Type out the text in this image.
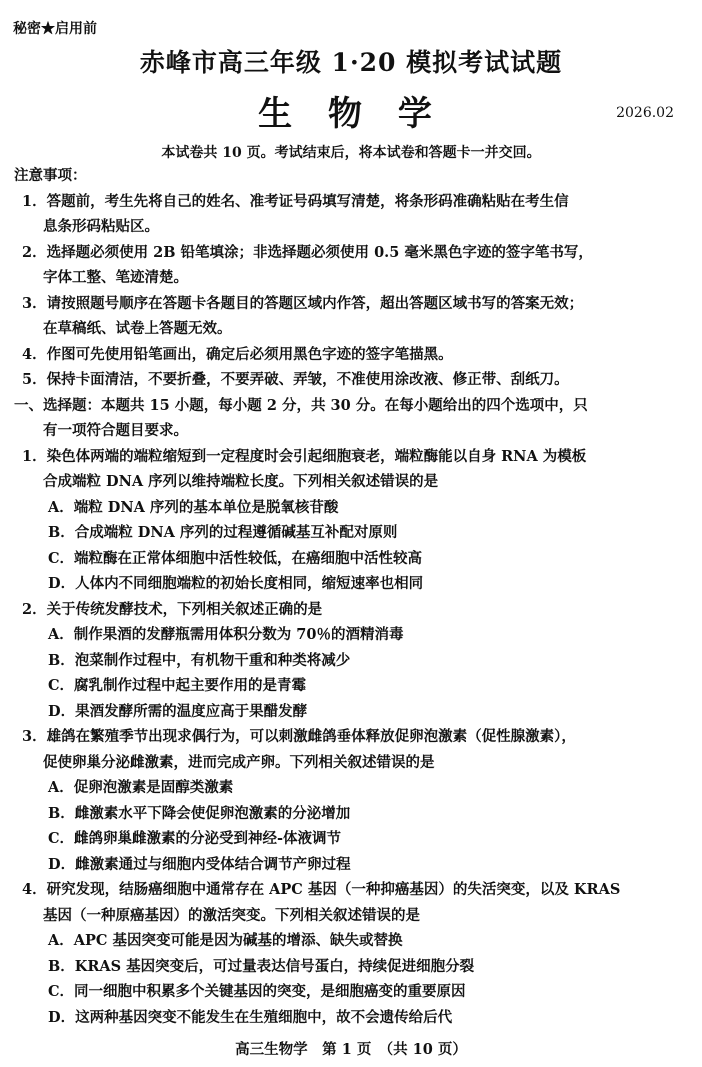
秘密★启用前
赤峰市高三年级 1·20 模拟考试试题
生 物 学	2026.02
本试卷共 10 页。考试结束后，将本试卷和答题卡一并交回。
注意事项：
1．答题前，考生先将自己的姓名、准考证号码填写清楚，将条形码准确粘贴在考生信
息条形码粘贴区。
2．选择题必须使用 2B 铅笔填涂；非选择题必须使用 0.5 毫米黑色字迹的签字笔书写，
字体工整、笔迹清楚。
3．请按照题号顺序在答题卡各题目的答题区域内作答，超出答题区域书写的答案无效；
在草稿纸、试卷上答题无效。
4．作图可先使用铅笔画出，确定后必须用黑色字迹的签字笔描黑。
5．保持卡面清洁，不要折叠，不要弄破、弄皱，不准使用涂改液、修正带、刮纸刀。
一、选择题：本题共 15 小题，每小题 2 分，共 30 分。在每小题给出的四个选项中，只
有一项符合题目要求。
1．染色体两端的端粒缩短到一定程度时会引起细胞衰老，端粒酶能以自身 RNA 为模板
合成端粒 DNA 序列以维持端粒长度。下列相关叙述错误的是
A．端粒 DNA 序列的基本单位是脱氧核苷酸
B．合成端粒 DNA 序列的过程遵循碱基互补配对原则
C．端粒酶在正常体细胞中活性较低，在癌细胞中活性较高
D．人体内不同细胞端粒的初始长度相同，缩短速率也相同
2．关于传统发酵技术，下列相关叙述正确的是
A．制作果酒的发酵瓶需用体积分数为 70％的酒精消毒
B．泡菜制作过程中，有机物干重和种类将减少
C．腐乳制作过程中起主要作用的是青霉
D．果酒发酵所需的温度应高于果醋发酵
3．雄鸽在繁殖季节出现求偶行为，可以刺激雌鸽垂体释放促卵泡激素（促性腺激素），
促使卵巢分泌雌激素，进而完成产卵。下列相关叙述错误的是
A．促卵泡激素是固醇类激素
B．雌激素水平下降会使促卵泡激素的分泌增加
C．雌鸽卵巢雌激素的分泌受到神经-体液调节
D．雌激素通过与细胞内受体结合调节产卵过程
4．研究发现，结肠癌细胞中通常存在 APC 基因（一种抑癌基因）的失活突变，以及 KRAS
基因（一种原癌基因）的激活突变。下列相关叙述错误的是
A．APC 基因突变可能是因为碱基的增添、缺失或替换
B．KRAS 基因突变后，可过量表达信号蛋白，持续促进细胞分裂
C．同一细胞中积累多个关键基因的突变，是细胞癌变的重要原因
D．这两种基因突变不能发生在生殖细胞中，故不会遗传给后代
高三生物学　第 1 页　（共 10 页）
